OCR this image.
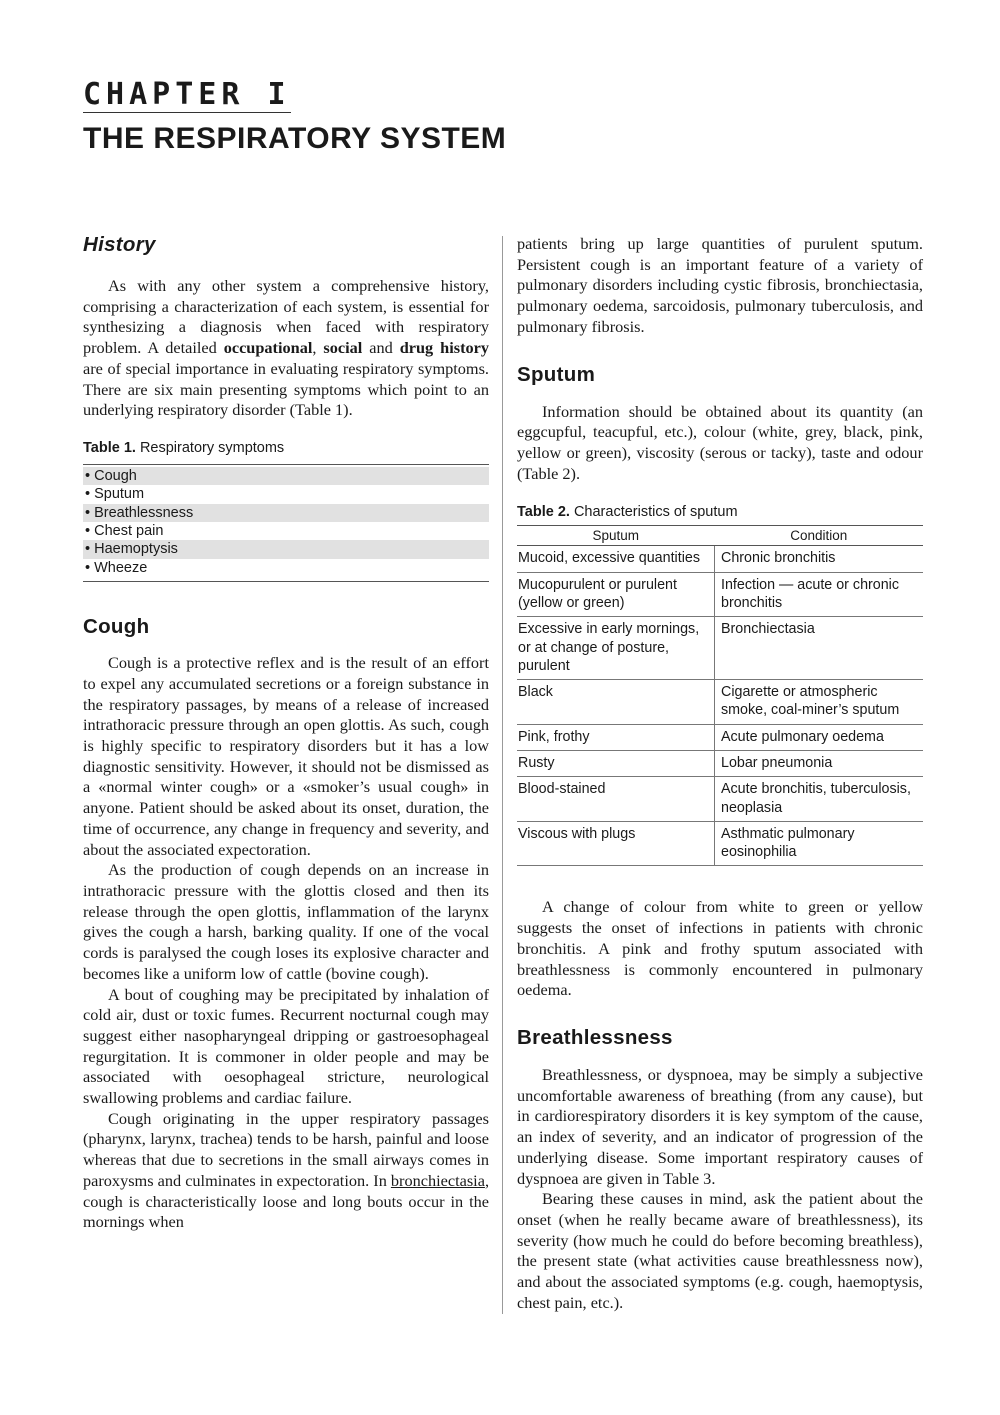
CHAPTER I
THE RESPIRATORY SYSTEM
History

As with any other system a comprehensive history, comprising a characterization of each system, is essential for synthesizing a diagnosis when faced with respiratory problem. A detailed occupational, social and drug history are of special importance in evaluating respiratory symptoms. There are six main presenting symptoms which point to an underlying respiratory disorder (Table 1).

Table 1. Respiratory symptoms
• Cough
• Sputum
• Breathlessness
• Chest pain
• Haemoptysis
• Wheeze
Cough

Cough is a protective reflex and is the result of an effort to expel any accumulated secretions or a foreign substance in the respiratory passages, by means of a release of increased intrathoracic pressure through an open glottis. As such, cough is highly specific to respiratory disorders but it has a low diagnostic sensitivity. However, it should not be dismissed as a «normal winter cough» or a «smoker’s usual cough» in anyone. Patient should be asked about its onset, duration, the time of occurrence, any change in frequency and severity, and about the associated expectoration.

As the production of cough depends on an increase in intrathoracic pressure with the glottis closed and then its release through the open glottis, inflammation of the larynx gives the cough a harsh, barking quality. If one of the vocal cords is paralysed the cough loses its explosive character and becomes like a uniform low of cattle (bovine cough).

A bout of coughing may be precipitated by inhalation of cold air, dust or toxic fumes. Recurrent nocturnal cough may suggest either nasopharyngeal dripping or gastroesophageal regurgitation. It is commoner in older people and may be associated with oesophageal stricture, neurological swallowing problems and cardiac failure.

Cough originating in the upper respiratory passages (pharynx, larynx, trachea) tends to be harsh, painful and loose whereas that due to secretions in the small airways comes in paroxysms and culminates in expectoration. In bronchiectasia, cough is characteristically loose and long bouts occur in the mornings when

patients bring up large quantities of purulent sputum. Persistent cough is an important feature of a variety of pulmonary disorders including cystic fibrosis, bronchiectasia, pulmonary oedema, sarcoidosis, pulmonary tuberculosis, and pulmonary fibrosis.

Sputum

Information should be obtained about its quantity (an eggcupful, teacupful, etc.), colour (white, grey, black, pink, yellow or green), viscosity (serous or tacky), taste and odour (Table 2).

Table 2. Characteristics of sputum
Sputum	Condition
Mucoid, excessive quantities	Chronic bronchitis
Mucopurulent or purulent (yellow or green)	Infection — acute or chronic bronchitis
Excessive in early mornings, or at change of posture, purulent	Bronchiectasia
Black	Cigarette or atmospheric smoke, coal-miner’s sputum
Pink, frothy	Acute pulmonary oedema
Rusty	Lobar pneumonia
Blood-stained	Acute bronchitis, tuberculosis, neoplasia
Viscous with plugs	Asthmatic pulmonary eosinophilia

A change of colour from white to green or yellow suggests the onset of infections in patients with chronic bronchitis. A pink and frothy sputum associated with breathlessness is commonly encountered in pulmonary oedema.

Breathlessness

Breathlessness, or dyspnoea, may be simply a subjective uncomfortable awareness of breathing (from any cause), but in cardiorespiratory disorders it is key symptom of the cause, an index of severity, and an indicator of progression of the underlying disease. Some important respiratory causes of dyspnoea are given in Table 3.

Bearing these causes in mind, ask the patient about the onset (when he really became aware of breathlessness), its severity (how much he could do before becoming breathless), the present state (what activities cause breathlessness now), and about the associated symptoms (e.g. cough, haemoptysis, chest pain, etc.).
